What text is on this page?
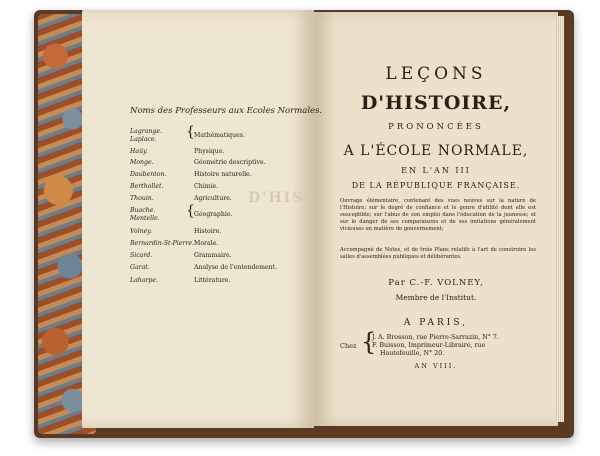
D'HIST
Noms des Professeurs aux Ecoles Normales.
Lagrange.
Laplace. { Mathématiques.
Haüy.	Physique.
Monge.	Géométrie descriptive.
Daubenton.	Histoire naturelle.
Berthollet.	Chimie.
Thouin.	Agriculture.
Buache.
Mentelle. { Géographie.
Volney.	Histoire.
Bernardin-St-Pierre. Morale.
Sicard.	Grammaire.
Garat.	Analyse de l'entendement.
Laharpe.	Littérature.
LEÇONS
D'HISTOIRE,
PRONONCÉES
A L'ÉCOLE NORMALE,
EN L'AN III
DE LA RÉPUBLIQUE FRANÇAISE.
Ouvrage élémentaire, contenant des vues neuves sur la nature de l'Histoire; sur le degré de confiance et le genre d'utilité dont elle est susceptible; sur l'abus de son emploi dans l'éducation de la jeunesse; et sur le danger de ses comparaisons et de ses imitations généralement vicieuses en matière de gouvernement;
Accompagné de Notes, et de trois Plans relatifs à l'art de construire les salles d'assemblées publiques et délibérantes.
Par C.-F. VOLNEY,
Membre de l'Institut.
A PARIS,
Chez {
J. A. Brosson, rue Pierre-Sarrazin, N° 7.
F. Buisson, Imprimeur-Libraire, rue
Hautefeuille, N° 20.
AN VIII.
